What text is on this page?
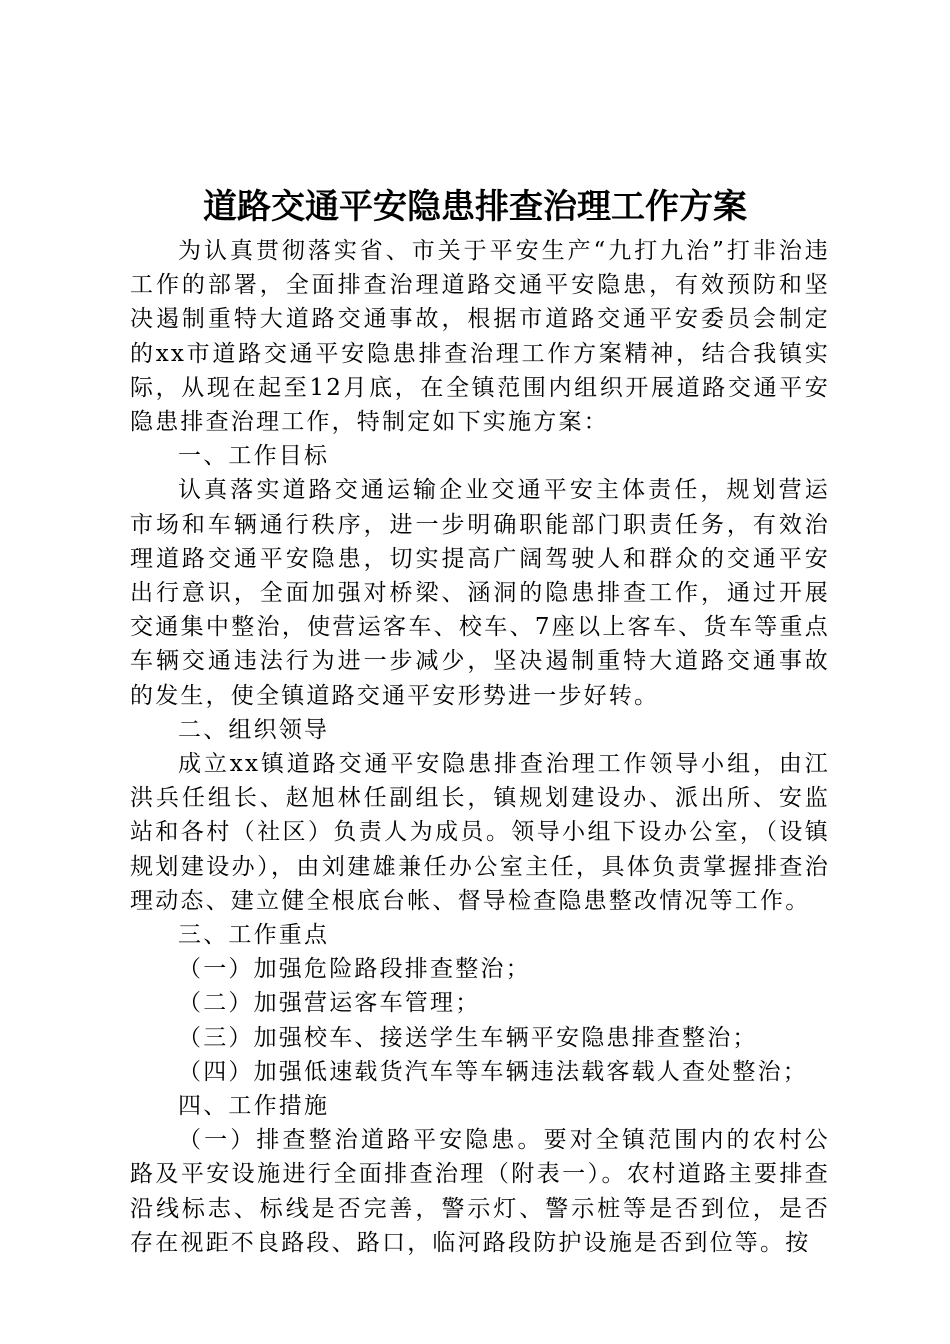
道路交通平安隐患排查治理工作方案

为认真贯彻落实省、市关于平安生产“九打九治”打非治违工作的部署，全面排查治理道路交通平安隐患，有效预防和坚决遏制重特大道路交通事故，根据市道路交通平安委员会制定的xx市道路交通平安隐患排查治理工作方案精神，结合我镇实际，从现在起至12月底，在全镇范围内组织开展道路交通平安隐患排查治理工作，特制定如下实施方案：

一、工作目标

认真落实道路交通运输企业交通平安主体责任，规划营运市场和车辆通行秩序，进一步明确职能部门职责任务，有效治理道路交通平安隐患，切实提高广阔驾驶人和群众的交通平安出行意识，全面加强对桥梁、涵洞的隐患排查工作，通过开展交通集中整治，使营运客车、校车、7座以上客车、货车等重点车辆交通违法行为进一步减少，坚决遏制重特大道路交通事故的发生，使全镇道路交通平安形势进一步好转。

二、组织领导

成立xx镇道路交通平安隐患排查治理工作领导小组，由江洪兵任组长、赵旭林任副组长，镇规划建设办、派出所、安监站和各村（社区）负责人为成员。领导小组下设办公室，（设镇规划建设办），由刘建雄兼任办公室主任，具体负责掌握排查治理动态、建立健全根底台帐、督导检查隐患整改情况等工作。

三、工作重点

（一）加强危险路段排查整治；

（二）加强营运客车管理；

（三）加强校车、接送学生车辆平安隐患排查整治；

（四）加强低速载货汽车等车辆违法载客载人查处整治；

四、工作措施

（一）排查整治道路平安隐患。要对全镇范围内的农村公路及平安设施进行全面排查治理（附表一）。农村道路主要排查沿线标志、标线是否完善，警示灯、警示桩等是否到位，是否存在视距不良路段、路口，临河路段防护设施是否到位等。按
